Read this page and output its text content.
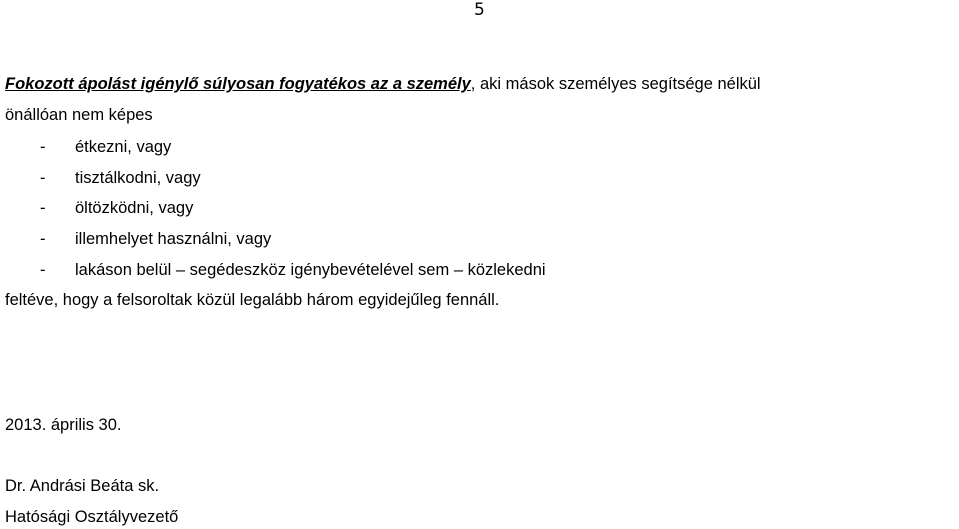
5
Fokozott ápolást igénylő súlyosan fogyatékos az a személy, aki mások személyes segítsége nélkül
önállóan nem képes
- étkezni, vagy
- tisztálkodni, vagy
- öltözködni, vagy
- illemhelyet használni, vagy
- lakáson belül – segédeszköz igénybevételével sem – közlekedni
feltéve, hogy a felsoroltak közül legalább három egyidejűleg fennáll.
2013. április 30.
Dr. Andrási Beáta sk.
Hatósági Osztályvezető
